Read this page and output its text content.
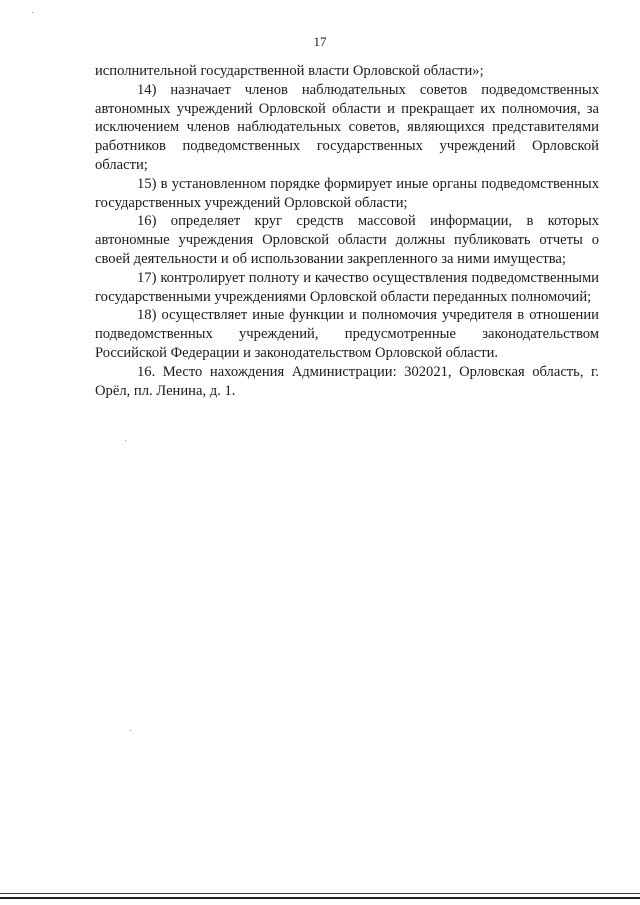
17

исполнительной государственной власти Орловской области»;

14) назначает членов наблюдательных советов подведомственных автономных учреждений Орловской области и прекращает их полномочия, за исключением членов наблюдательных советов, являющихся представителями работников подведомственных государственных учреждений Орловской области;

15) в установленном порядке формирует иные органы подведомственных государственных учреждений Орловской области;

16) определяет круг средств массовой информации, в которых автономные учреждения Орловской области должны публиковать отчеты о своей деятельности и об использовании закрепленного за ними имущества;

17) контролирует полноту и качество осуществления подведомственными государственными учреждениями Орловской области переданных полномочий;

18) осуществляет иные функции и полномочия учредителя в отношении подведомственных учреждений, предусмотренные законодательством Российской Федерации и законодательством Орловской области.

16. Место нахождения Администрации: 302021, Орловская область, г. Орёл, пл. Ленина, д. 1.
